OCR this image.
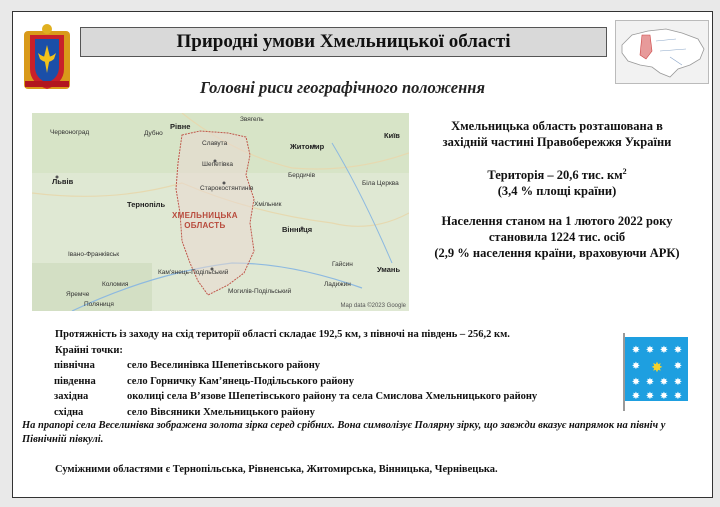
Природні умови Хмельницької області
Головні риси географічного положення
Червоноград	Дубно
Рівне
Звягель
Київ
Львів
Славута
Шепетівка
Житомир
Бердичів
Старокостянтинів
Біла Церква
Тернопіль	Хмільник
Вінниця
Івано-Франківськ
Кам'янець-Подільський
Гайсин
Умань
Коломия
Могилів-Подільський
Яремче
Поляниця
Ладижин
ХМЕЛЬНИЦЬКА
ОБЛАСТЬ
Map data ©2023 Google

Хмельницька область розташована в

західній частині Правобережжя України

Територія – 20,6 тис. $км^2$

(3,4 % площі країни)

Населення станом на 1 лютого 2022 року

становила 1224 тис. осіб

(2,9 % населення країни, враховуючи АРК)

Протяжність із заходу на схід території області складає 192,5 км, з півночі на південь – 256,2 км.
Крайні точки:
північна	село Веселинівка Шепетівського району
південна	село Горничку Кам’янець-Подільського району
західна	околиці села В’язове Шепетівського району та села Смислова Хмельницького району
східна	село Вівсяники Хмельницького району
✸ ✸ ✸ ✸
✸	✸
✸ ✸ ✸ ✸
✸ ✸ ✸ ✸
✸
На прапорі села Веселинівка зображена золота зірка серед срібних. Вона символізує Полярну зірку, що завжди вказує напрямок на північ у Північній півкулі.
Суміжними областями є Тернопільська, Рівненська, Житомирська, Вінницька, Чернівецька.
